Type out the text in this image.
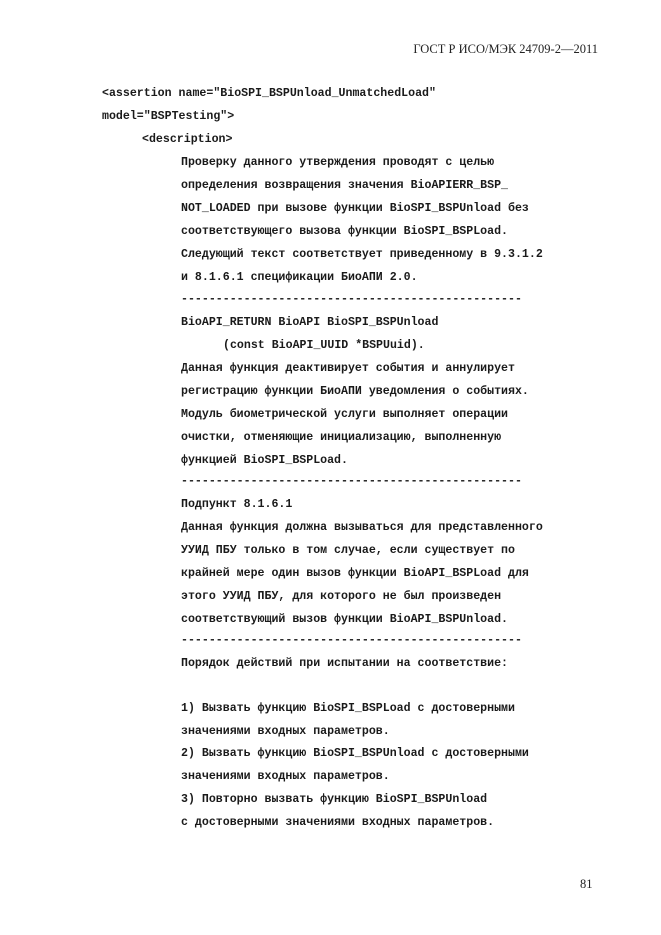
ГОСТ Р ИСО/МЭК 24709-2—2011
<assertion name="BioSPI_BSPUnload_UnmatchedLoad"
model="BSPTesting">
<description>
Проверку данного утверждения проводят с целью
определения возвращения значения BioAPIERR_BSP_
NOT_LOADED при вызове функции BioSPI_BSPUnload без
соответствующего вызова функции BioSPI_BSPLoad.
Следующий текст соответствует приведенному в 9.3.1.2
и 8.1.6.1 спецификации БиоАПИ 2.0.
-------------------------------------------------
BioAPI_RETURN BioAPI BioSPI_BSPUnload
(const BioAPI_UUID *BSPUuid).
Данная функция деактивирует события и аннулирует
регистрацию функции БиоАПИ уведомления о событиях.
Модуль биометрической услуги выполняет операции
очистки, отменяющие инициализацию, выполненную
функцией BioSPI_BSPLoad.
-------------------------------------------------
Подпункт 8.1.6.1
Данная функция должна вызываться для представленного
УУИД ПБУ только в том случае, если существует по
крайней мере один вызов функции BioAPI_BSPLoad для
этого УУИД ПБУ, для которого не был произведен
соответствующий вызов функции BioAPI_BSPUnload.
-------------------------------------------------
Порядок действий при испытании на соответствие:
1) Вызвать функцию BioSPI_BSPLoad с достоверными
значениями входных параметров.
2) Вызвать функцию BioSPI_BSPUnload с достоверными
значениями входных параметров.
3) Повторно вызвать функцию BioSPI_BSPUnload
с достоверными значениями входных параметров.
81
